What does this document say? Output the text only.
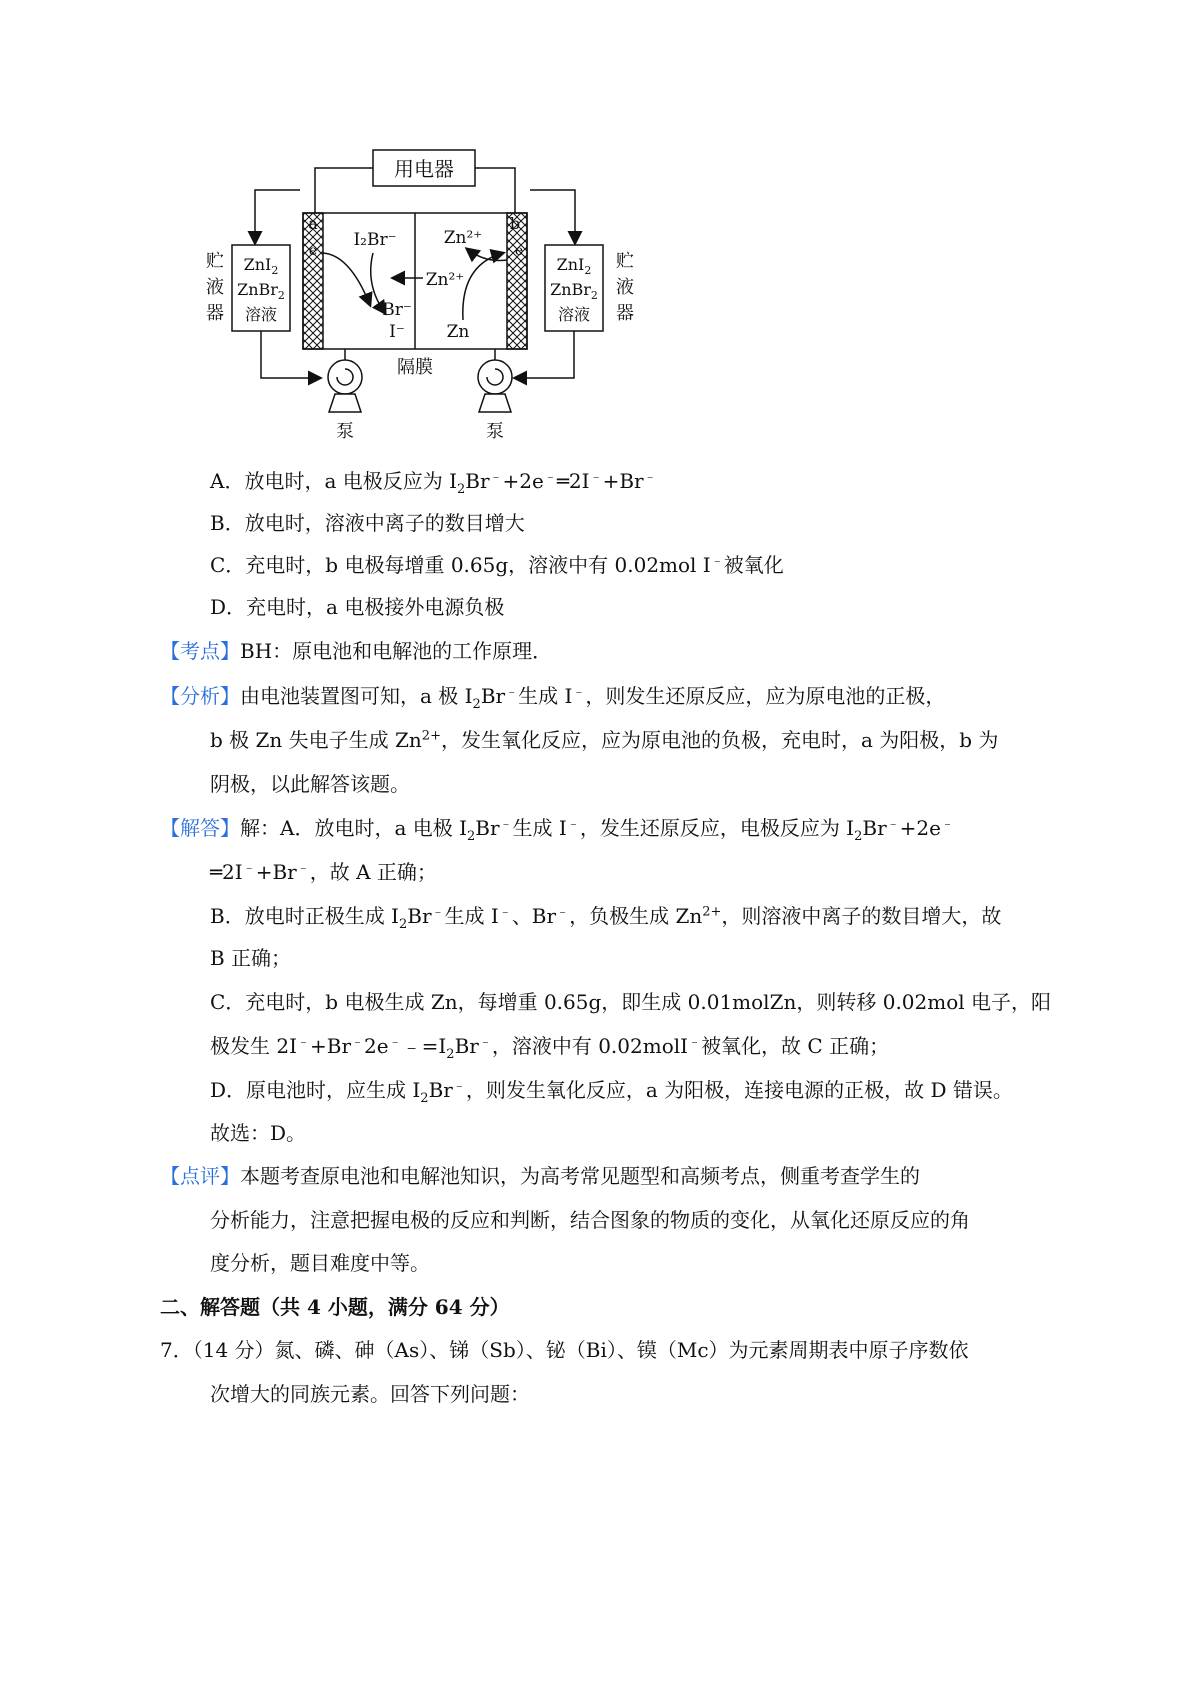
用电器
a	b
e	e
I₂Br⁻
Br⁻
I⁻
Zn²⁺
Zn²⁺
Zn
ZnI$_2$
ZnBr$_2$
溶液
贮
液
器
ZnI$_2$
ZnBr$_2$
溶液
贮
液
器
隔膜
泵	泵
A．放电时，a 电极反应为 $I_2Br^﹣+2e^﹣═2I^﹣+Br^﹣$
B．放电时，溶液中离子的数目增大
C．充电时，b 电极每增重 0.65g，溶液中有 0.02mol I﹣被氧化
D．充电时，a 电极接外电源负极
【考点】BH：原电池和电解池的工作原理．
【分析】由电池装置图可知，a 极 $I_2Br^﹣$生成 I﹣，则发生还原反应，应为原电池的正极，
b 极 Zn 失电子生成 $Zn^{2+}$，发生氧化反应，应为原电池的负极，充电时，a 为阳极，b 为
阴极，以此解答该题。
【解答】解：A．放电时，a 电极 $I_2Br^﹣$生成 I﹣，发生还原反应，电极反应为 $I_2Br^﹣+2e^﹣$
═2I﹣+Br﹣，故 A 正确；
B．放电时正极生成 $I_2Br^﹣$生成 I﹣、Br﹣，负极生成 $Zn^{2+}$，则溶液中离子的数目增大，故
B 正确；
C．充电时，b 电极生成 Zn，每增重 0.65g，即生成 0.01molZn，则转移 0.02mol 电子，阳
极发生 $2I^﹣+Br^﹣2e^﹣﹣=I_2Br^﹣$，溶液中有 0.02molI﹣被氧化，故 C 正确；
D．原电池时，应生成 $I_2Br^﹣$，则发生氧化反应，a 为阳极，连接电源的正极，故 D 错误。
故选：D。
【点评】本题考查原电池和电解池知识，为高考常见题型和高频考点，侧重考查学生的
分析能力，注意把握电极的反应和判断，结合图象的物质的变化，从氧化还原反应的角
度分析，题目难度中等。
二、解答题（共 4 小题，满分 64 分）
7．（14 分）氮、磷、砷（As）、锑（Sb）、铋（Bi）、镆（Mc）为元素周期表中原子序数依
次增大的同族元素。回答下列问题：
